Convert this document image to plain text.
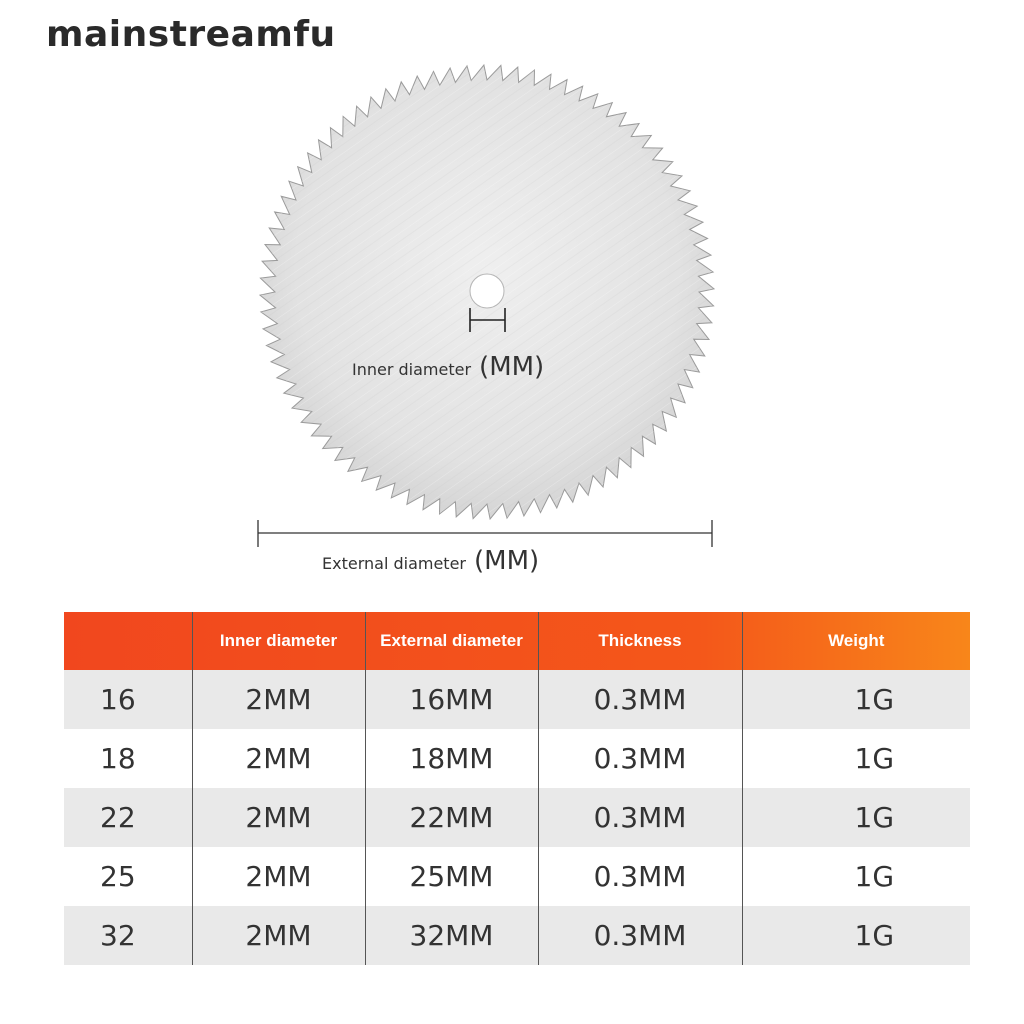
mainstreamfu
Inner diameter (MM)
External diameter (MM)
	Inner diameter	External diameter	Thickness	Weight
16	2MM	16MM	0.3MM	1G
18	2MM	18MM	0.3MM	1G
22	2MM	22MM	0.3MM	1G
25	2MM	25MM	0.3MM	1G
32	2MM	32MM	0.3MM	1G
